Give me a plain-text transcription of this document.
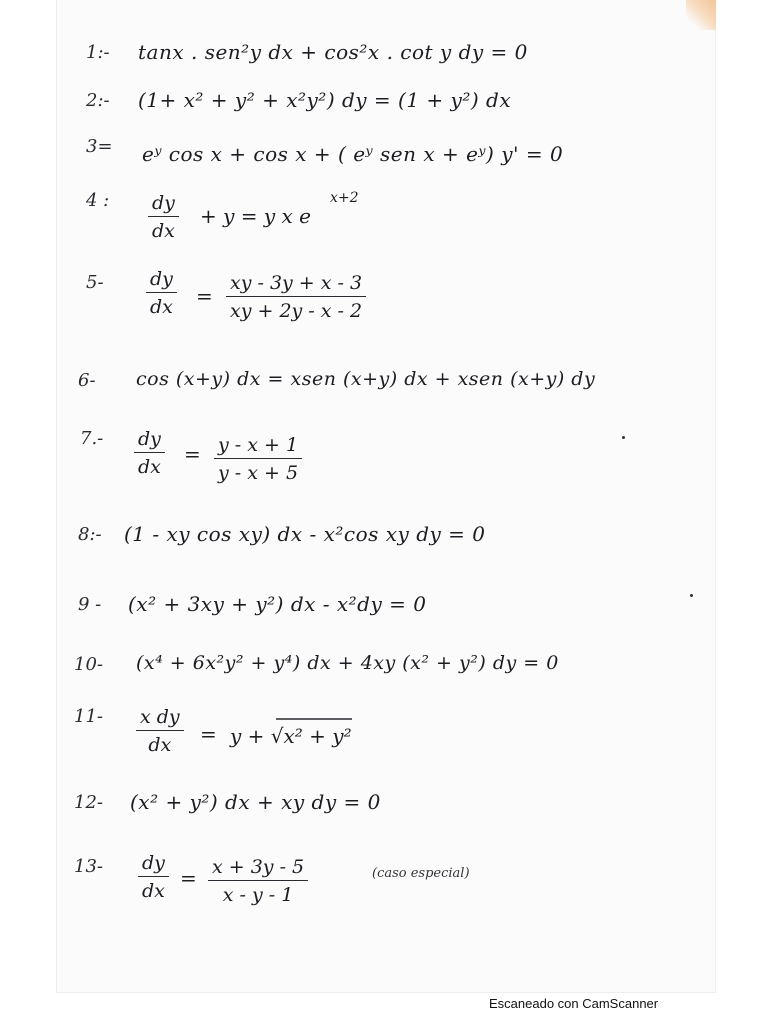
1:- tanx . sen²y dx + cos²x . cot y dy = 0
2:- (1+ x² + y² + x²y²) dy = (1 + y²) dx
3= eʸ cos x + cos x + ( eʸ sen x + eʸ) y' = 0
4 : $\frac{dy}{dx} + y = y$ x e
x+2
$5- \frac{dy}{dx} = \frac{xy - 3y + x - 3}{xy + 2y - x - 2}$
6- cos (x+y) dx = xsen (x+y) dx + xsen (x+y) dy
$7.- \frac{dy}{dx} = \frac{y - x + 1}{y - x + 5}$
8:- (1 - xy cos xy) dx - x²cos xy dy = 0
9 - (x² + 3xy + y²) dx - x²dy = 0
10- (x⁴ + 6x²y² + y⁴) dx + 4xy (x² + y²) dy = 0
$11- \frac{\text{x dy}}{dx} = y + √x^2 + y^2$
12- (x² + y²) dx + xy dy = 0
$13- \frac{dy}{dx} = \frac{x + 3y - 5}{x - y - 1}$	(caso especial)
Escaneado con CamScanner
